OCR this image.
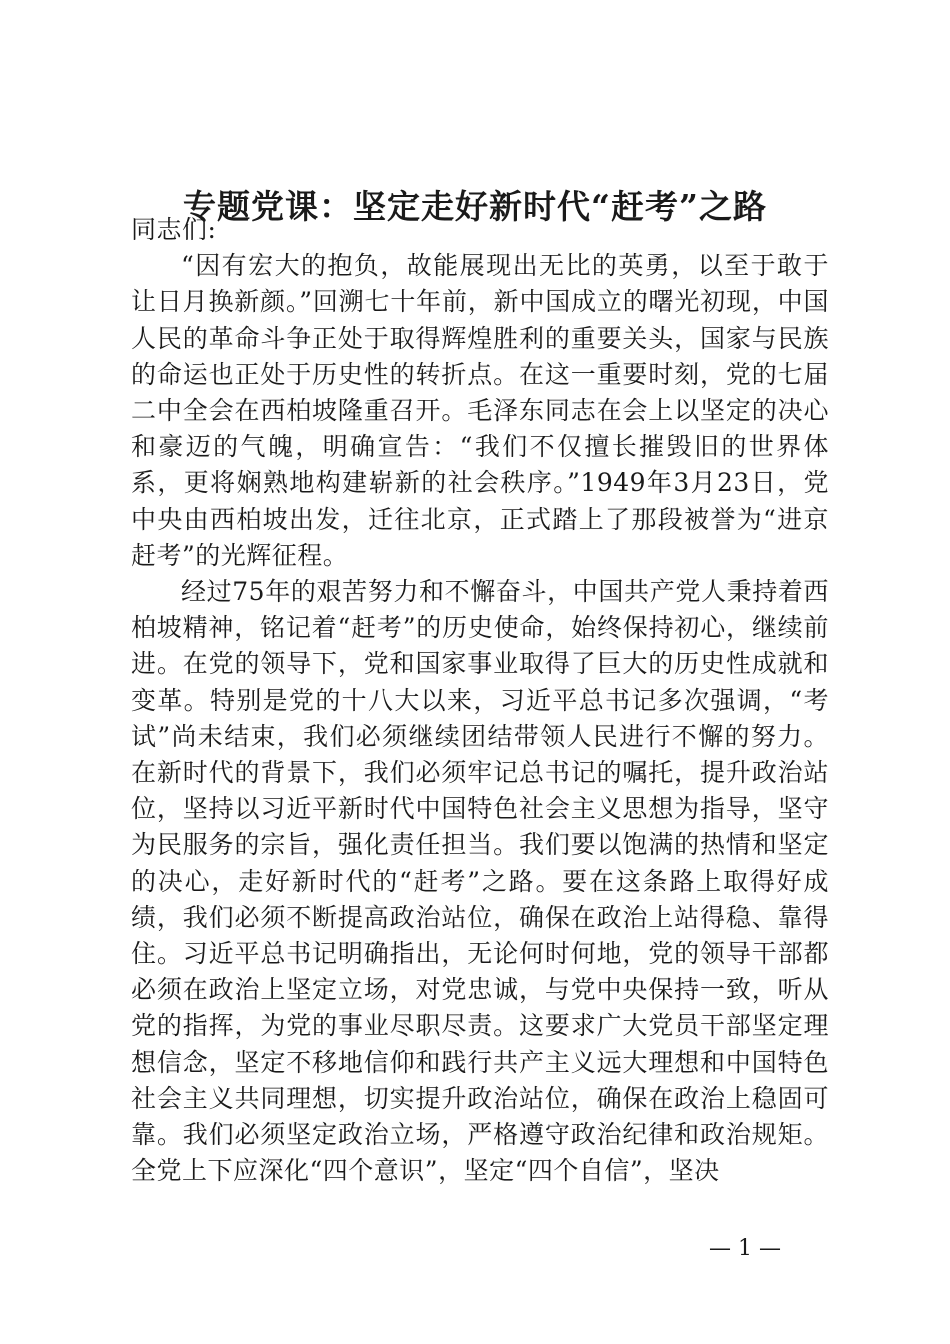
专题党课：坚定走好新时代“赶考”之路

同志们:

“因有宏大的抱负，故能展现出无比的英勇，以至于敢于让日月换新颜。”回溯七十年前，新中国成立的曙光初现，中国人民的革命斗争正处于取得辉煌胜利的重要关头，国家与民族的命运也正处于历史性的转折点。在这一重要时刻，党的七届二中全会在西柏坡隆重召开。毛泽东同志在会上以坚定的决心和豪迈的气魄，明确宣告：“我们不仅擅长摧毁旧的世界体系，更将娴熟地构建崭新的社会秩序。”1949年3月23日，党中央由西柏坡出发，迁往北京，正式踏上了那段被誉为“进京赶考”的光辉征程。

经过75年的艰苦努力和不懈奋斗，中国共产党人秉持着西柏坡精神，铭记着“赶考”的历史使命，始终保持初心，继续前进。在党的领导下，党和国家事业取得了巨大的历史性成就和变革。特别是党的十八大以来，习近平总书记多次强调，“考试”尚未结束，我们必须继续团结带领人民进行不懈的努力。在新时代的背景下，我们必须牢记总书记的嘱托，提升政治站位，坚持以习近平新时代中国特色社会主义思想为指导，坚守为民服务的宗旨，强化责任担当。我们要以饱满的热情和坚定的决心，走好新时代的“赶考”之路。要在这条路上取得好成绩，我们必须不断提高政治站位，确保在政治上站得稳、靠得住。习近平总书记明确指出，无论何时何地，党的领导干部都必须在政治上坚定立场，对党忠诚，与党中央保持一致，听从党的指挥，为党的事业尽职尽责。这要求广大党员干部坚定理想信念，坚定不移地信仰和践行共产主义远大理想和中国特色社会主义共同理想，切实提升政治站位，确保在政治上稳固可靠。我们必须坚定政治立场，严格遵守政治纪律和政治规矩。全党上下应深化“四个意识”，坚定“四个自信”，坚决

— 1 —
